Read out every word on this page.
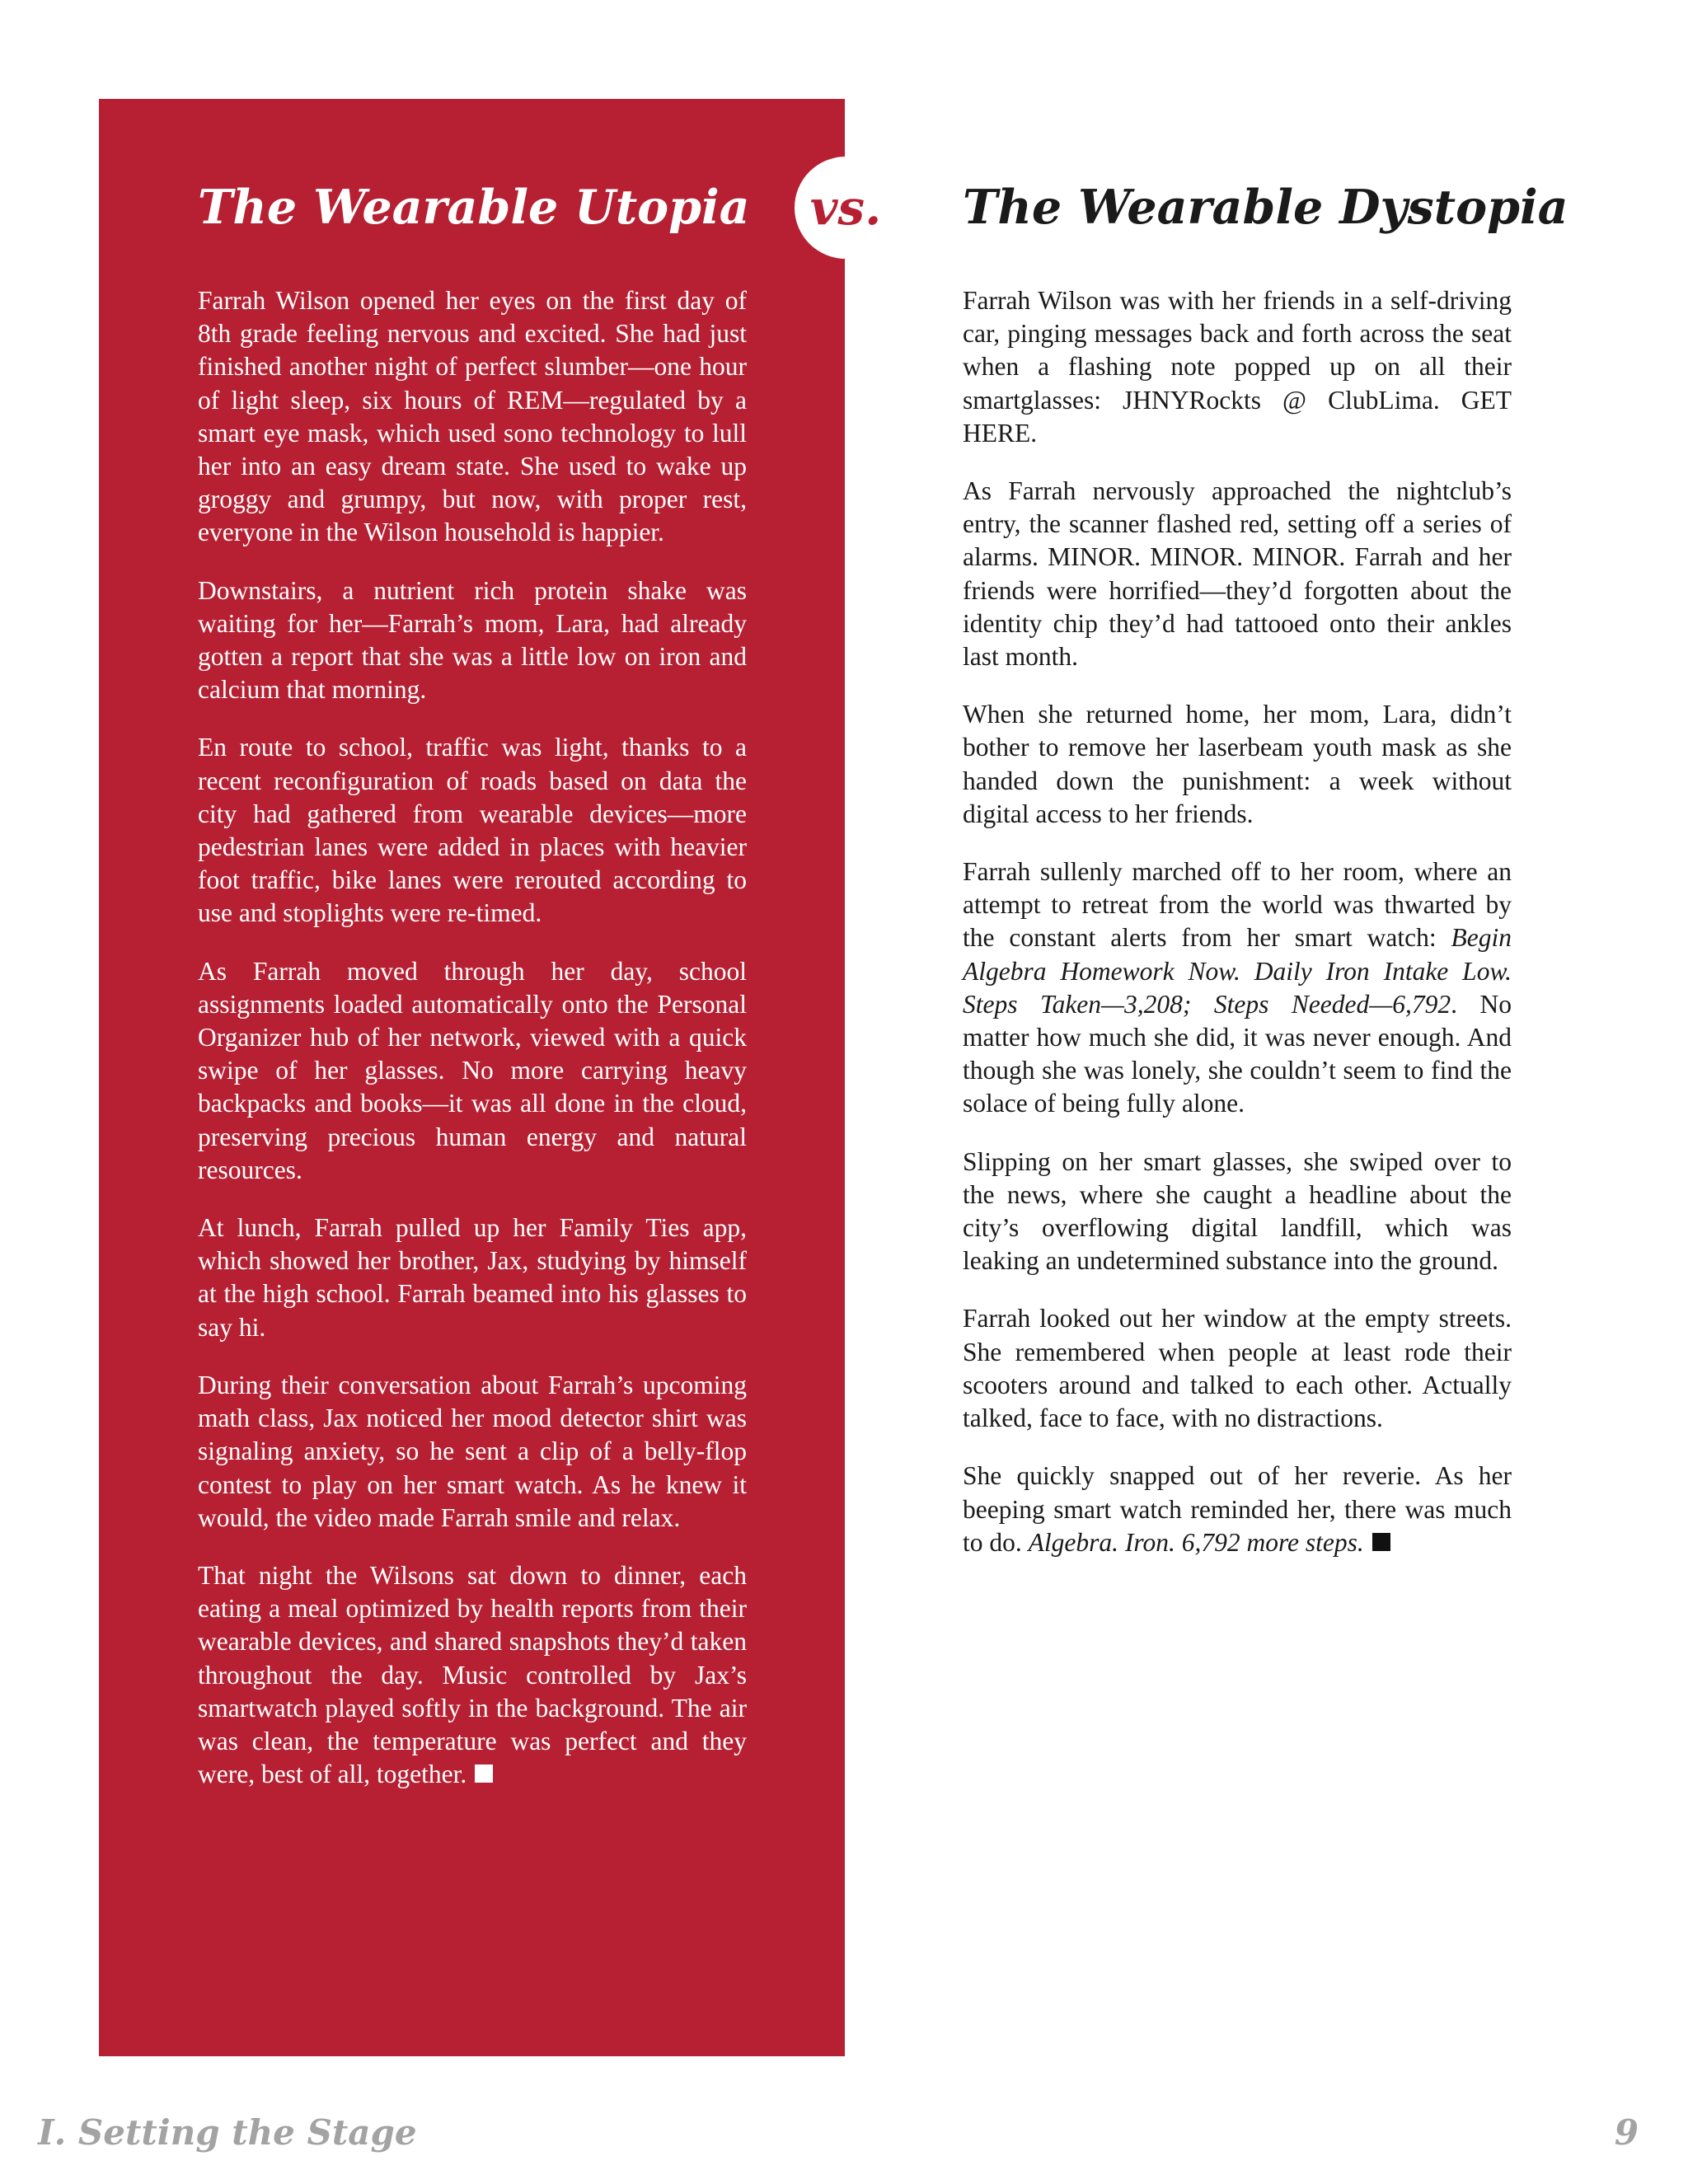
vs.
The Wearable Utopia	The Wearable Dystopia

Farrah Wilson opened her eyes on the first day of 8th grade feeling nervous and excited. She had just finished another night of perfect slumber—one hour of light sleep, six hours of REM—regulated by a smart eye mask, which used sono technology to lull her into an easy dream state. She used to wake up groggy and grumpy, but now, with proper rest, everyone in the Wilson household is happier.

Downstairs, a nutrient rich protein shake was waiting for her—Farrah’s mom, Lara, had already gotten a report that she was a little low on iron and calcium that morning.

En route to school, traffic was light, thanks to a recent reconfiguration of roads based on data the city had gathered from wearable devices—more pedestrian lanes were added in places with heavier foot traffic, bike lanes were rerouted according to use and stoplights were re-timed.

As Farrah moved through her day, school assignments loaded automatically onto the Personal Organizer hub of her network, viewed with a quick swipe of her glasses. No more carrying heavy backpacks and books—it was all done in the cloud, preserving precious human energy and natural resources.

At lunch, Farrah pulled up her Family Ties app, which showed her brother, Jax, studying by himself at the high school. Farrah beamed into his glasses to say hi.

During their conversation about Farrah’s upcoming math class, Jax noticed her mood detector shirt was signaling anxiety, so he sent a clip of a belly-flop contest to play on her smart watch. As he knew it would, the video made Farrah smile and relax.

That night the Wilsons sat down to dinner, each eating a meal optimized by health reports from their wearable devices, and shared snapshots they’d taken throughout the day. Music controlled by Jax’s smartwatch played softly in the background. The air was clean, the temperature was perfect and they were, best of all, together.

Farrah Wilson was with her friends in a self-driving car, pinging messages back and forth across the seat when a flashing note popped up on all their smartglasses: JHNYRockts @ ClubLima. GET HERE.

As Farrah nervously approached the nightclub’s entry, the scanner flashed red, setting off a series of alarms. MINOR. MINOR. MINOR. Farrah and her friends were horrified—they’d forgotten about the identity chip they’d had tattooed onto their ankles last month.

When she returned home, her mom, Lara, didn’t bother to remove her laserbeam youth mask as she handed down the punishment: a week without digital access to her friends.

Farrah sullenly marched off to her room, where an attempt to retreat from the world was thwarted by the constant alerts from her smart watch: Begin Algebra Homework Now. Daily Iron Intake Low. Steps Taken—3,208; Steps Needed—6,792. No matter how much she did, it was never enough. And though she was lonely, she couldn’t seem to find the solace of being fully alone.

Slipping on her smart glasses, she swiped over to the news, where she caught a headline about the city’s overflowing digital landfill, which was leaking an undetermined substance into the ground.

Farrah looked out her window at the empty streets. She remembered when people at least rode their scooters around and talked to each other. Actually talked, face to face, with no distractions.

She quickly snapped out of her reverie. As her beeping smart watch reminded her, there was much to do. Algebra. Iron. 6,792 more steps.

I. Setting the Stage	9
